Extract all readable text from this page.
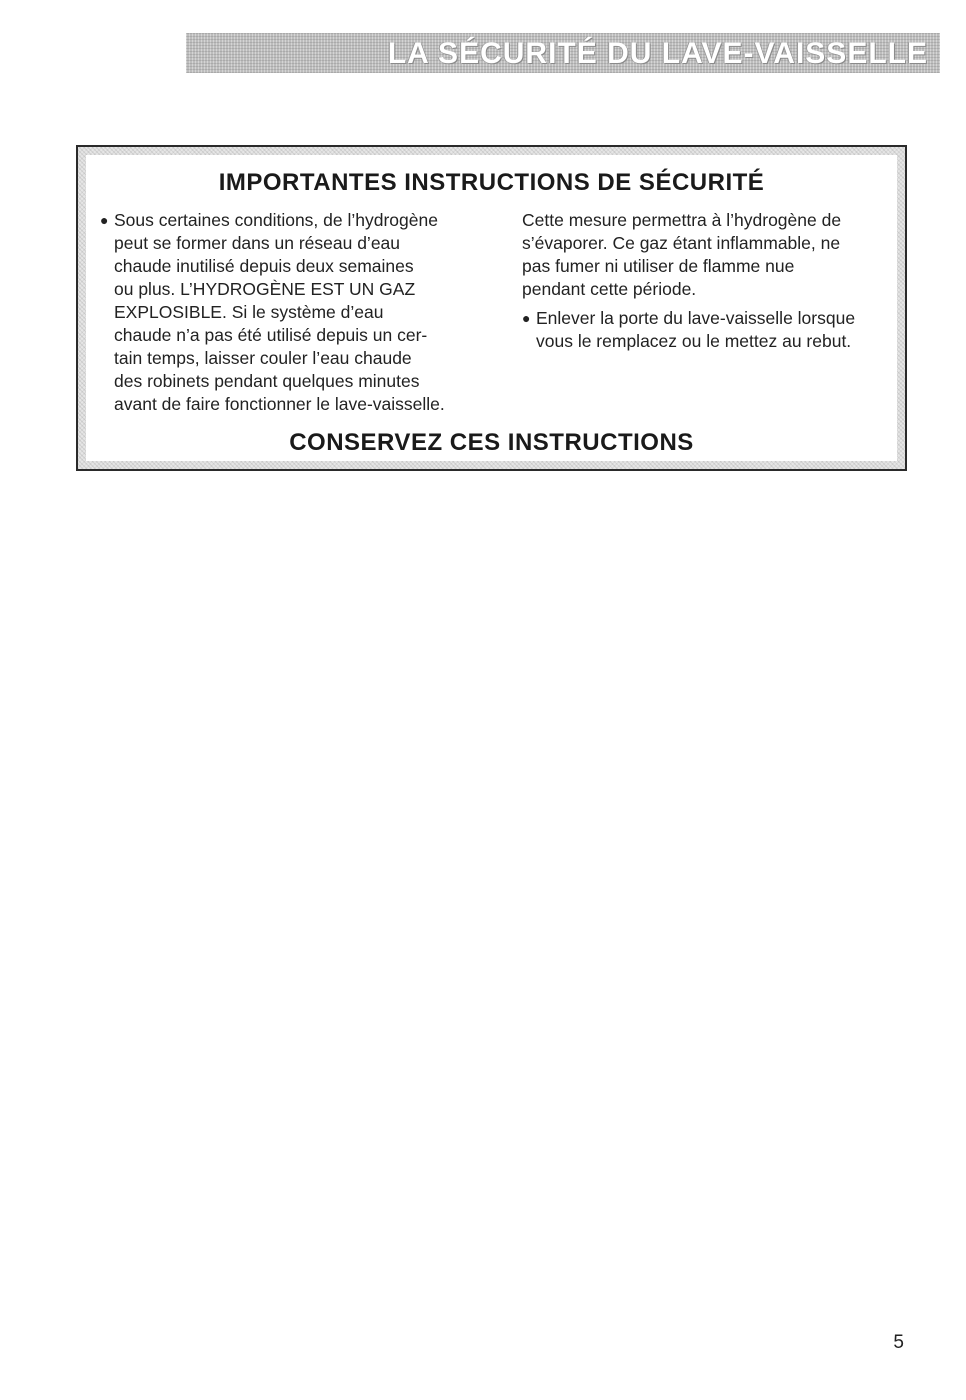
LA SÉCURITÉ DU LAVE-VAISSELLE
IMPORTANTES INSTRUCTIONS DE SÉCURITÉ

● Sous certaines conditions, de l’hydrogène
peut se former dans un réseau d’eau
chaude inutilisé depuis deux semaines
ou plus. L’HYDROGÈNE EST UN GAZ
EXPLOSIBLE. Si le système d’eau
chaude n’a pas été utilisé depuis un cer-
tain temps, laisser couler l’eau chaude
des robinets pendant quelques minutes
avant de faire fonctionner le lave-vaisselle.

Cette mesure permettra à l’hydrogène de
s’évaporer. Ce gaz étant inflammable, ne
pas fumer ni utiliser de flamme nue
pendant cette période.

● Enlever la porte du lave-vaisselle lorsque
vous le remplacez ou le mettez au rebut.

CONSERVEZ CES INSTRUCTIONS
5
